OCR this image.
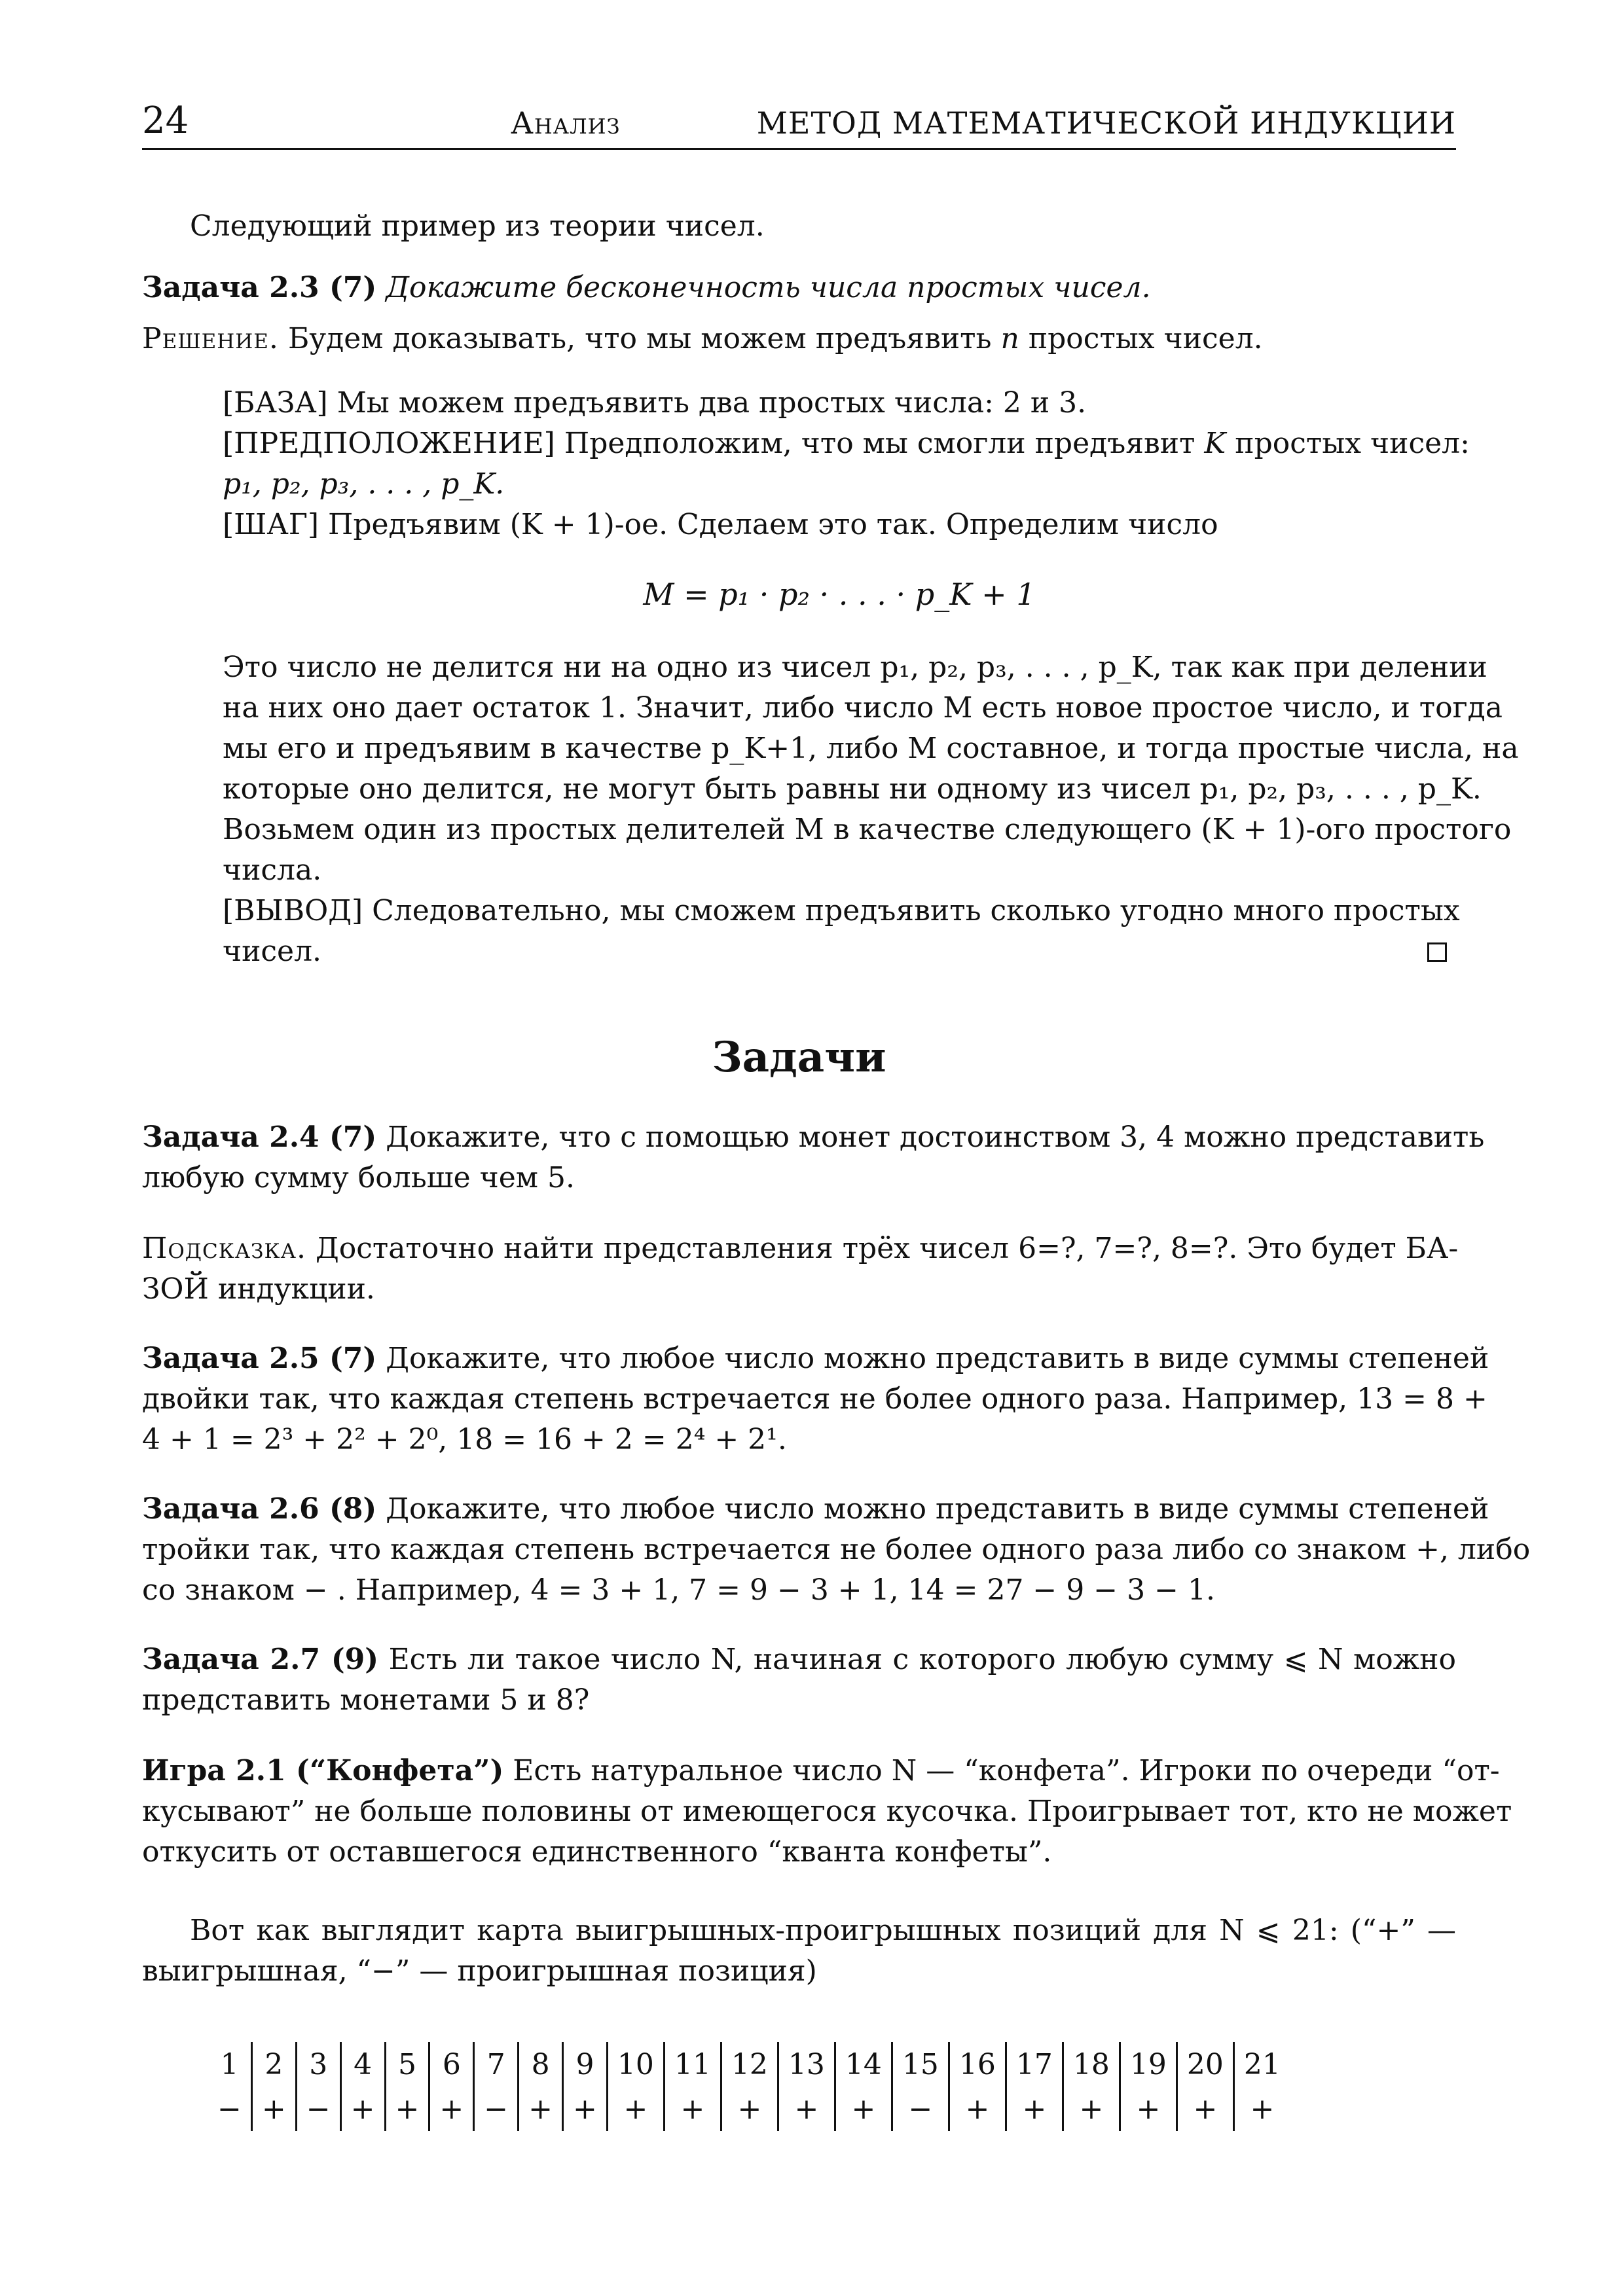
24	Анализ	МЕТОД МАТЕМАТИЧЕСКОЙ ИНДУКЦИИ
Следующий пример из теории чисел.
Задача 2.3 (7) Докажите бесконечность числа простых чисел.
Решение. Будем доказывать, что мы можем предъявить n простых чисел.
[БАЗА] Мы можем предъявить два простых числа: 2 и 3.
[ПРЕДПОЛОЖЕНИЕ] Предположим, что мы смогли предъявит K простых чисел:
p₁, p₂, p₃, . . . , p_K.
[ШАГ] Предъявим (K + 1)-ое. Сделаем это так. Определим число
M = p₁ · p₂ · . . . · p_K + 1
Это число не делится ни на одно из чисел p₁, p₂, p₃, . . . , p_K, так как при делении
на них оно дает остаток 1. Значит, либо число M есть новое простое число, и тогда
мы его и предъявим в качестве p_K+1, либо M составное, и тогда простые числа, на
которые оно делится, не могут быть равны ни одному из чисел p₁, p₂, p₃, . . . , p_K.
Возьмем один из простых делителей M в качестве следующего (K + 1)-ого простого
числа.
[ВЫВОД] Следовательно, мы сможем предъявить сколько угодно много простых
чисел.
Задачи
Задача 2.4 (7) Докажите, что с помощью монет достоинством 3, 4 можно представить
любую сумму больше чем 5.
Подсказка. Достаточно найти представления трёх чисел 6=?, 7=?, 8=?. Это будет БА-
ЗОЙ индукции.
Задача 2.5 (7) Докажите, что любое число можно представить в виде суммы степеней
двойки так, что каждая степень встречается не более одного раза. Например, 13 = 8 +
4 + 1 = 2³ + 2² + 2⁰, 18 = 16 + 2 = 2⁴ + 2¹.
Задача 2.6 (8) Докажите, что любое число можно представить в виде суммы степеней
тройки так, что каждая степень встречается не более одного раза либо со знаком +, либо
со знаком − . Например, 4 = 3 + 1, 7 = 9 − 3 + 1, 14 = 27 − 9 − 3 − 1.
Задача 2.7 (9) Есть ли такое число N, начиная с которого любую сумму ⩽ N можно
представить монетами 5 и 8?
Игра 2.1 (“Конфета”) Есть натуральное число N — “конфета”. Игроки по очереди “от-
кусывают” не больше половины от имеющегося кусочка. Проигрывает тот, кто не может
откусить от оставшегося единственного “кванта конфеты”.
Вот как выглядит карта выигрышных-проигрышных позиций для N ⩽ 21: (“+” —
выигрышная, “−” — проигрышная позиция)
1	2	3	4	5	6	7	8	9	10	11	12	13	14	15	16	17	18	19	20	21
−	+	−	+	+	+	−	+	+	+	+	+	+	+	−	+	+	+	+	+	+
